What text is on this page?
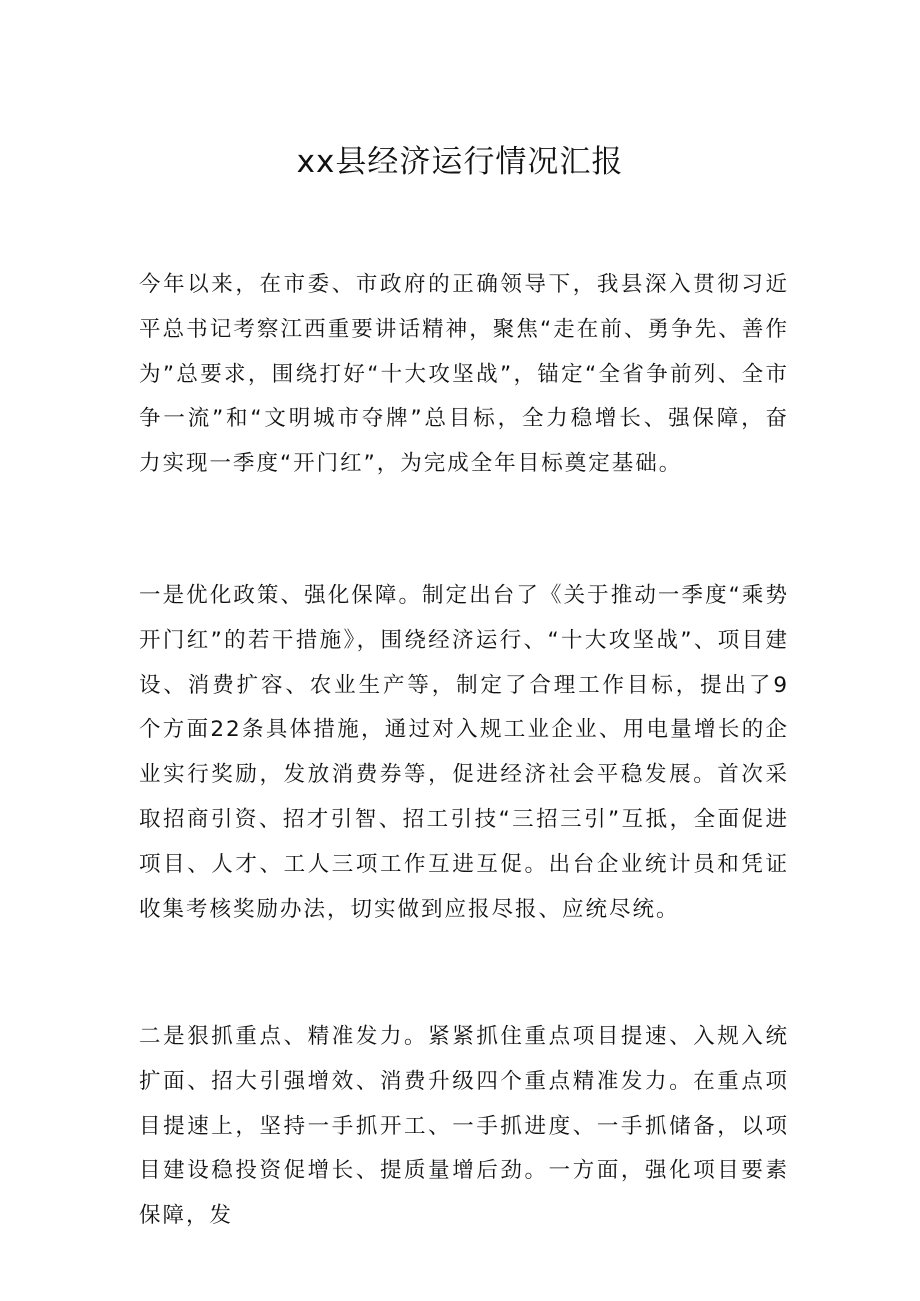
xx县经济运行情况汇报

今年以来，在市委、市政府的正确领导下，我县深入贯彻习近平总书记考察江西重要讲话精神，聚焦“走在前、勇争先、善作为”总要求，围绕打好“十大攻坚战”，锚定“全省争前列、全市争一流”和“文明城市夺牌”总目标，全力稳增长、强保障，奋力实现一季度“开门红”，为完成全年目标奠定基础。

一是优化政策、强化保障。制定出台了《关于推动一季度“乘势开门红”的若干措施》，围绕经济运行、“十大攻坚战”、项目建设、消费扩容、农业生产等，制定了合理工作目标，提出了9个方面22条具体措施，通过对入规工业企业、用电量增长的企业实行奖励，发放消费券等，促进经济社会平稳发展。首次采取招商引资、招才引智、招工引技“三招三引”互抵，全面促进项目、人才、工人三项工作互进互促。出台企业统计员和凭证收集考核奖励办法，切实做到应报尽报、应统尽统。

二是狠抓重点、精准发力。紧紧抓住重点项目提速、入规入统扩面、招大引强增效、消费升级四个重点精准发力。在重点项目提速上，坚持一手抓开工、一手抓进度、一手抓储备，以项目建设稳投资促增长、提质量增后劲。一方面，强化项目要素保障，发
